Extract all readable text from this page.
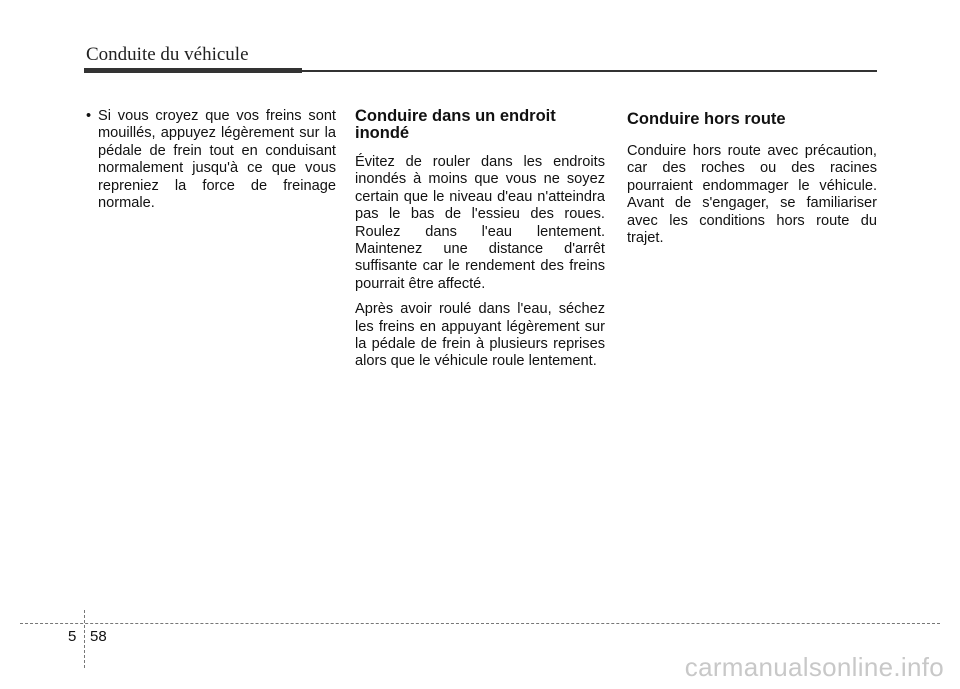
Conduite du véhicule
• Si vous croyez que vos freins sont mouillés, appuyez légèrement sur la pédale de frein tout en conduisant normalement jusqu'à ce que vous repreniez la force de freinage normale.
Conduire dans un endroit inondé

Évitez de rouler dans les endroits inondés à moins que vous ne soyez certain que le niveau d'eau n'atteindra pas le bas de l'essieu des roues. Roulez dans l'eau lentement. Maintenez une distance d'arrêt suffisante car le rendement des freins pourrait être affecté.

Après avoir roulé dans l'eau, séchez les freins en appuyant légèrement sur la pédale de frein à plusieurs reprises alors que le véhicule roule lentement.

Conduire hors route

Conduire hors route avec précaution, car des roches ou des racines pourraient endommager le véhicule. Avant de s'engager, se familiariser avec les conditions hors route du trajet.

5 58
carmanualsonline.info
